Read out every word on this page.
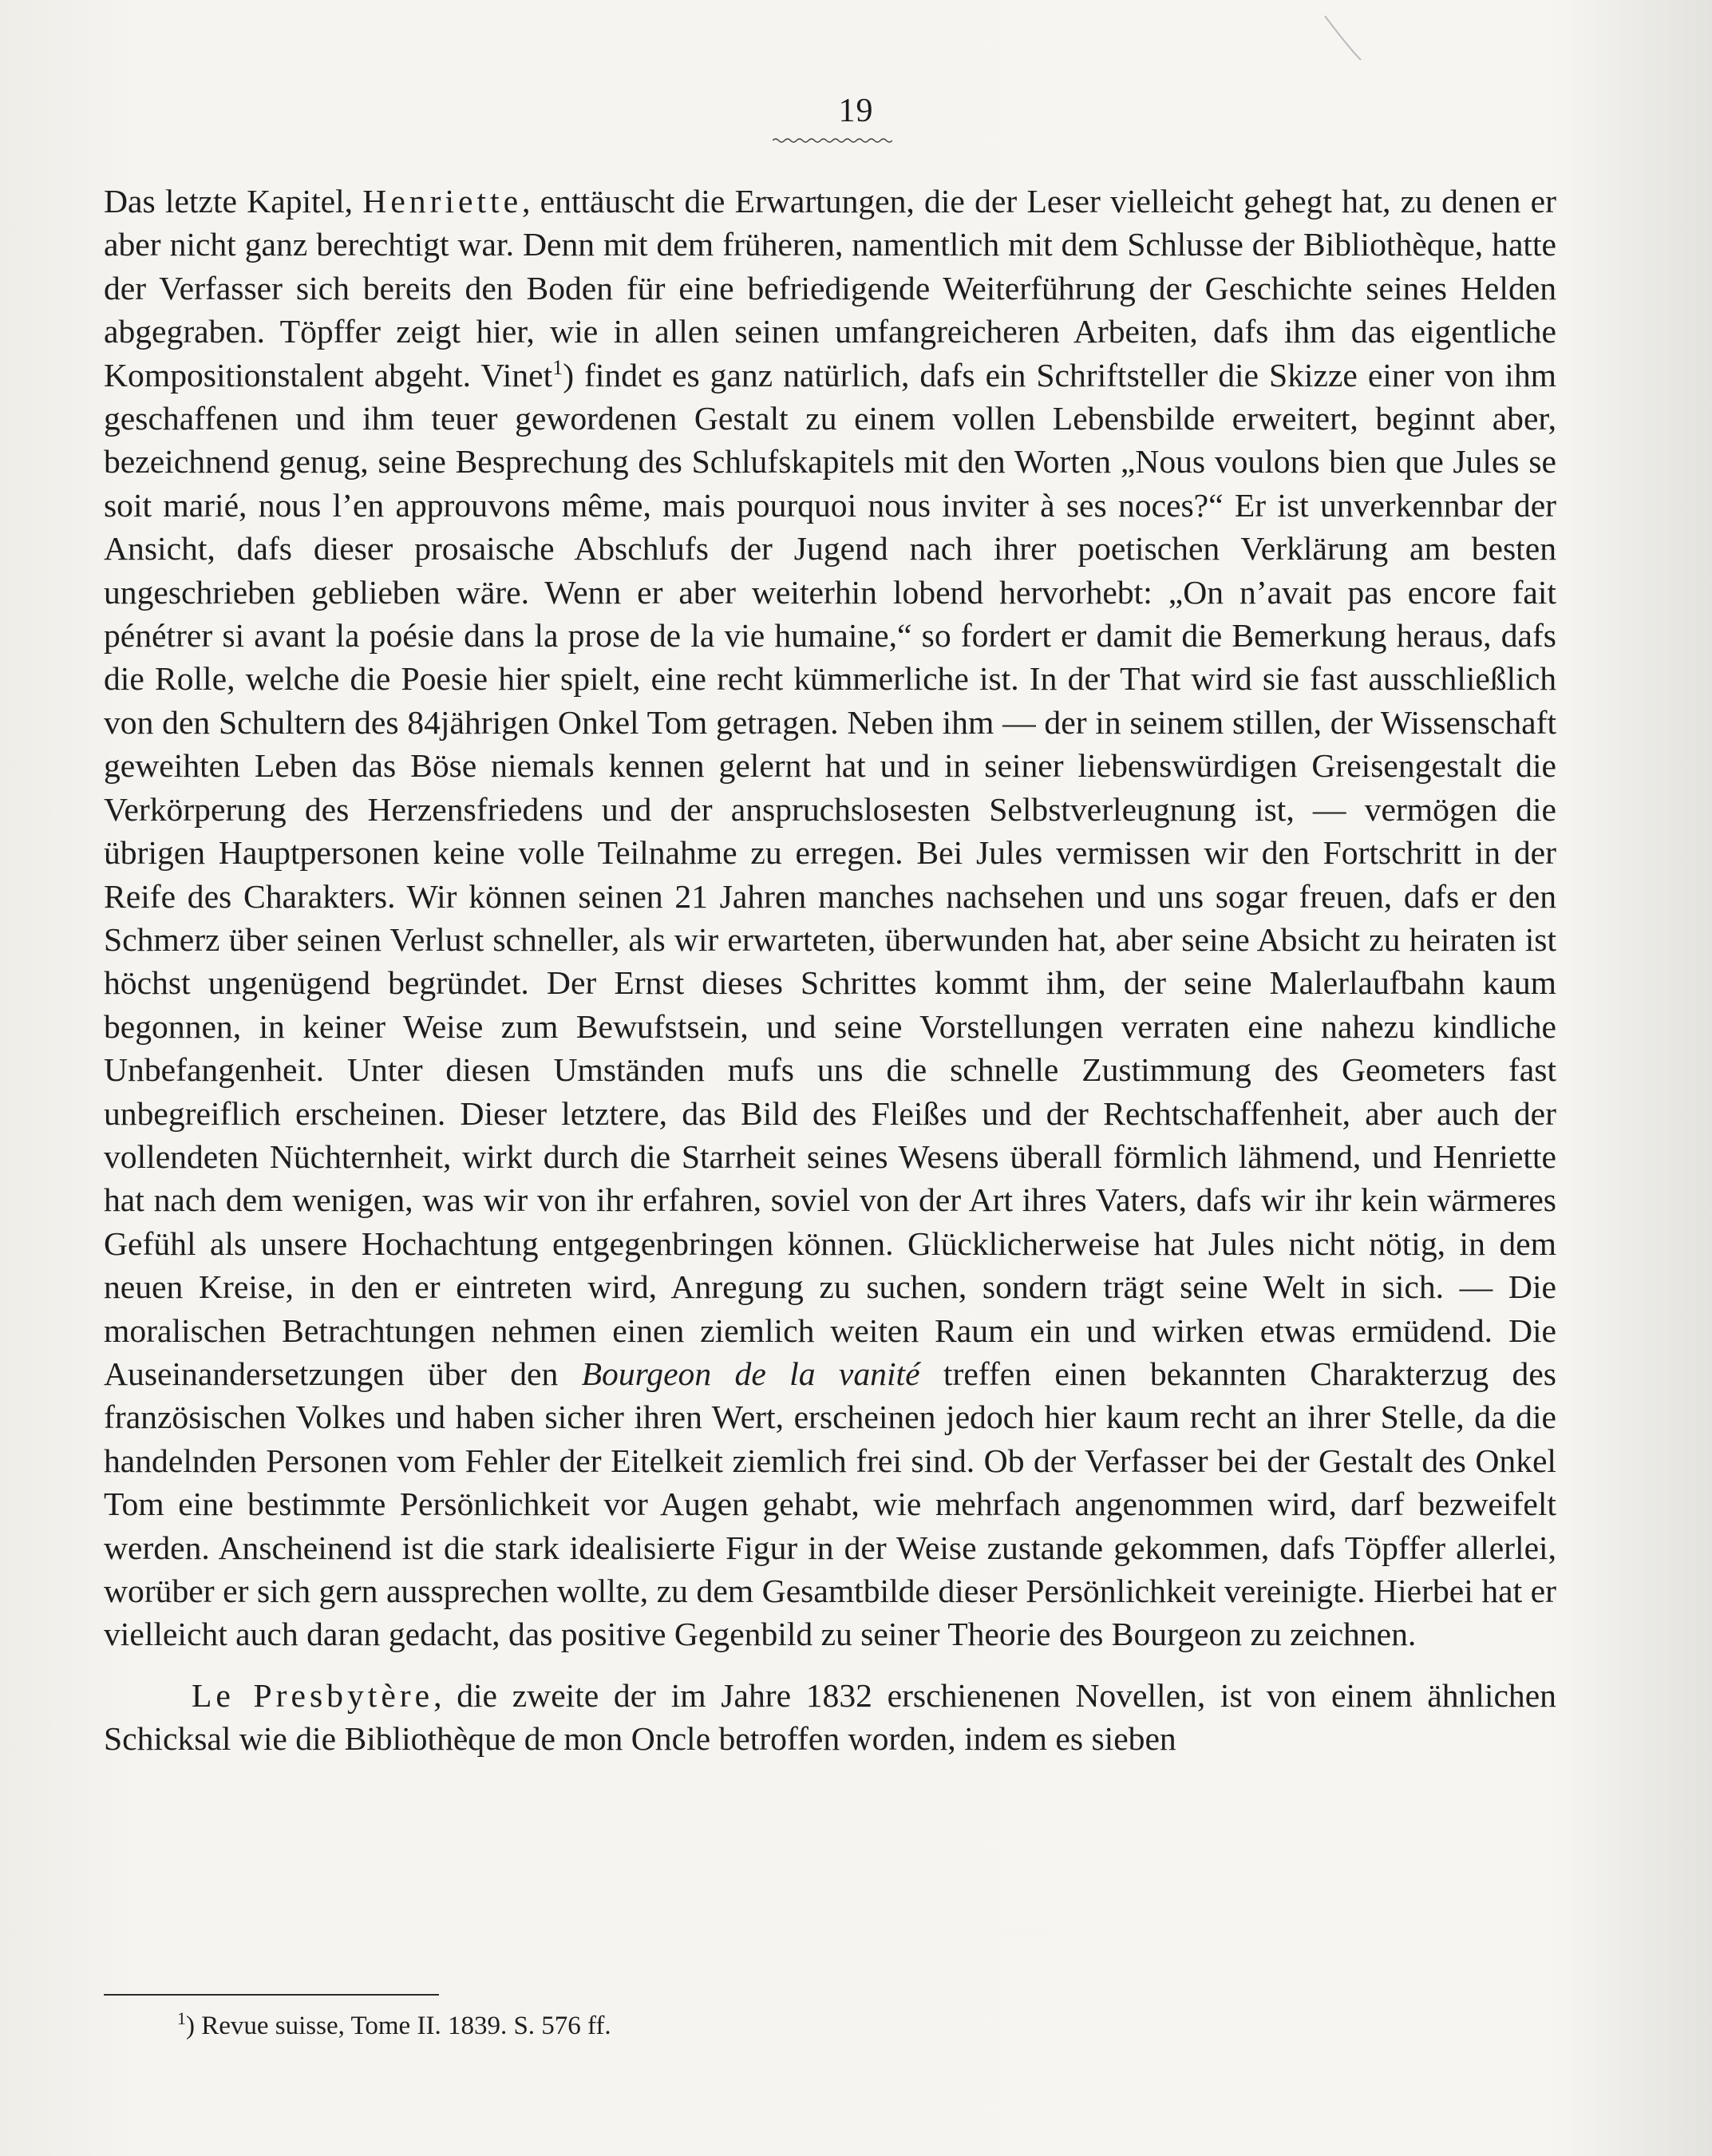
19

Das letzte Kapitel, Henriette, enttäuscht die Erwartungen, die der Leser vielleicht gehegt hat, zu denen er aber nicht ganz berechtigt war. Denn mit dem früheren, namentlich mit dem Schlusse der Bibliothèque, hatte der Verfasser sich bereits den Boden für eine befriedigende Weiterführung der Geschichte seines Helden abgegraben. Töpffer zeigt hier, wie in allen seinen umfangreicheren Arbeiten, dafs ihm das eigentliche Kompositionstalent abgeht. Vinet$^1$) findet es ganz natürlich, dafs ein Schriftsteller die Skizze einer von ihm geschaffenen und ihm teuer gewordenen Gestalt zu einem vollen Lebensbilde erweitert, beginnt aber, bezeichnend genug, seine Besprechung des Schlufskapitels mit den Worten „Nous voulons bien que Jules se soit marié, nous l’en approuvons même, mais pourquoi nous inviter à ses noces?“ Er ist unverkennbar der Ansicht, dafs dieser prosaische Abschlufs der Jugend nach ihrer poetischen Verklärung am besten ungeschrieben geblieben wäre. Wenn er aber weiterhin lobend hervorhebt: „On n’avait pas encore fait pénétrer si avant la poésie dans la prose de la vie humaine,“ so fordert er damit die Bemerkung heraus, dafs die Rolle, welche die Poesie hier spielt, eine recht kümmerliche ist. In der That wird sie fast ausschließlich von den Schultern des 84jährigen Onkel Tom getragen. Neben ihm — der in seinem stillen, der Wissenschaft geweihten Leben das Böse niemals kennen gelernt hat und in seiner liebenswürdigen Greisengestalt die Verkörperung des Herzensfriedens und der anspruchslosesten Selbstverleugnung ist, — vermögen die übrigen Hauptpersonen keine volle Teilnahme zu erregen. Bei Jules vermissen wir den Fortschritt in der Reife des Charakters. Wir können seinen 21 Jahren manches nachsehen und uns sogar freuen, dafs er den Schmerz über seinen Verlust schneller, als wir erwarteten, überwunden hat, aber seine Absicht zu heiraten ist höchst ungenügend begründet. Der Ernst dieses Schrittes kommt ihm, der seine Malerlaufbahn kaum begonnen, in keiner Weise zum Bewufstsein, und seine Vorstellungen verraten eine nahezu kindliche Unbefangenheit. Unter diesen Umständen mufs uns die schnelle Zustimmung des Geometers fast unbegreiflich erscheinen. Dieser letztere, das Bild des Fleißes und der Rechtschaffenheit, aber auch der vollendeten Nüchternheit, wirkt durch die Starrheit seines Wesens überall förmlich lähmend, und Henriette hat nach dem wenigen, was wir von ihr erfahren, soviel von der Art ihres Vaters, dafs wir ihr kein wärmeres Gefühl als unsere Hochachtung entgegenbringen können. Glücklicherweise hat Jules nicht nötig, in dem neuen Kreise, in den er eintreten wird, Anregung zu suchen, sondern trägt seine Welt in sich. — Die moralischen Betrachtungen nehmen einen ziemlich weiten Raum ein und wirken etwas ermüdend. Die Auseinandersetzungen über den Bourgeon de la vanité treffen einen bekannten Charakterzug des französischen Volkes und haben sicher ihren Wert, erscheinen jedoch hier kaum recht an ihrer Stelle, da die handelnden Personen vom Fehler der Eitelkeit ziemlich frei sind. Ob der Verfasser bei der Gestalt des Onkel Tom eine bestimmte Persönlichkeit vor Augen gehabt, wie mehrfach angenommen wird, darf bezweifelt werden. Anscheinend ist die stark idealisierte Figur in der Weise zustande gekommen, dafs Töpffer allerlei, worüber er sich gern aussprechen wollte, zu dem Gesamtbilde dieser Persönlichkeit vereinigte. Hierbei hat er vielleicht auch daran gedacht, das positive Gegenbild zu seiner Theorie des Bourgeon zu zeichnen.

Le Presbytère, die zweite der im Jahre 1832 erschienenen Novellen, ist von einem ähnlichen Schicksal wie die Bibliothèque de mon Oncle betroffen worden, indem es sieben

$^1$) Revue suisse, Tome II. 1839. S. 576 ff.
